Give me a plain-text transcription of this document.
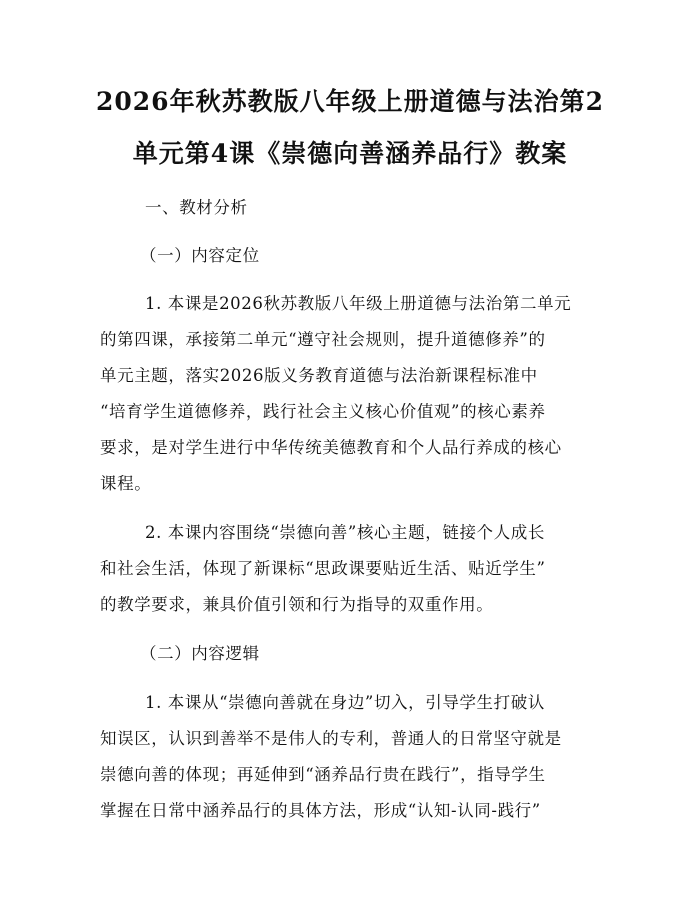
2026年秋苏教版八年级上册道德与法治第2
单元第4课《崇德向善涵养品行》教案
一、教材分析
（一）内容定位
1. 本课是2026秋苏教版八年级上册道德与法治第二单元
的第四课，承接第二单元“遵守社会规则，提升道德修养”的
单元主题，落实2026版义务教育道德与法治新课程标准中
“培育学生道德修养，践行社会主义核心价值观”的核心素养
要求，是对学生进行中华传统美德教育和个人品行养成的核心
课程。
2. 本课内容围绕“崇德向善”核心主题，链接个人成长
和社会生活，体现了新课标“思政课要贴近生活、贴近学生”
的教学要求，兼具价值引领和行为指导的双重作用。
（二）内容逻辑
1. 本课从“崇德向善就在身边”切入，引导学生打破认
知误区，认识到善举不是伟人的专利，普通人的日常坚守就是
崇德向善的体现；再延伸到“涵养品行贵在践行”，指导学生
掌握在日常中涵养品行的具体方法，形成“认知-认同-践行”
